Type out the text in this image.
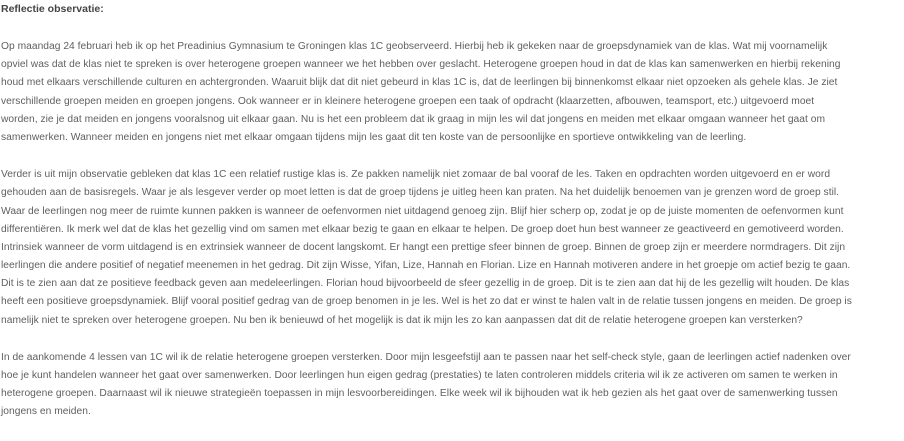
Reflectie observatie:
Op maandag 24 februari heb ik op het Preadinius Gymnasium te Groningen klas 1C geobserveerd. Hierbij heb ik gekeken naar de groepsdynamiek van de klas. Wat mij voornamelijk
opviel was dat de klas niet te spreken is over heterogene groepen wanneer we het hebben over geslacht. Heterogene groepen houd in dat de klas kan samenwerken en hierbij rekening
houd met elkaars verschillende culturen en achtergronden. Waaruit blijk dat dit niet gebeurd in klas 1C is, dat de leerlingen bij binnenkomst elkaar niet opzoeken als gehele klas. Je ziet
verschillende groepen meiden en groepen jongens. Ook wanneer er in kleinere heterogene groepen een taak of opdracht (klaarzetten, afbouwen, teamsport, etc.) uitgevoerd moet
worden, zie je dat meiden en jongens vooralsnog uit elkaar gaan. Nu is het een probleem dat ik graag in mijn les wil dat jongens en meiden met elkaar omgaan wanneer het gaat om
samenwerken. Wanneer meiden en jongens niet met elkaar omgaan tijdens mijn les gaat dit ten koste van de persoonlijke en sportieve ontwikkeling van de leerling.
Verder is uit mijn observatie gebleken dat klas 1C een relatief rustige klas is. Ze pakken namelijk niet zomaar de bal vooraf de les. Taken en opdrachten worden uitgevoerd en er word
gehouden aan de basisregels. Waar je als lesgever verder op moet letten is dat de groep tijdens je uitleg heen kan praten. Na het duidelijk benoemen van je grenzen word de groep stil.
Waar de leerlingen nog meer de ruimte kunnen pakken is wanneer de oefenvormen niet uitdagend genoeg zijn. Blijf hier scherp op, zodat je op de juiste momenten de oefenvormen kunt
differentiëren. Ik merk wel dat de klas het gezellig vind om samen met elkaar bezig te gaan en elkaar te helpen. De groep doet hun best wanneer ze geactiveerd en gemotiveerd worden.
Intrinsiek wanneer de vorm uitdagend is en extrinsiek wanneer de docent langskomt. Er hangt een prettige sfeer binnen de groep. Binnen de groep zijn er meerdere normdragers. Dit zijn
leerlingen die andere positief of negatief meenemen in het gedrag. Dit zijn Wisse, Yifan, Lize, Hannah en Florian. Lize en Hannah motiveren andere in het groepje om actief bezig te gaan.
Dit is te zien aan dat ze positieve feedback geven aan medeleerlingen. Florian houd bijvoorbeeld de sfeer gezellig in de groep. Dit is te zien aan dat hij de les gezellig wilt houden. De klas
heeft een positieve groepsdynamiek. Blijf vooral positief gedrag van de groep benomen in je les. Wel is het zo dat er winst te halen valt in de relatie tussen jongens en meiden. De groep is
namelijk niet te spreken over heterogene groepen. Nu ben ik benieuwd of het mogelijk is dat ik mijn les zo kan aanpassen dat dit de relatie heterogene groepen kan versterken?
In de aankomende 4 lessen van 1C wil ik de relatie heterogene groepen versterken. Door mijn lesgeefstijl aan te passen naar het self-check style, gaan de leerlingen actief nadenken over
hoe je kunt handelen wanneer het gaat over samenwerken. Door leerlingen hun eigen gedrag (prestaties) te laten controleren middels criteria wil ik ze activeren om samen te werken in
heterogene groepen. Daarnaast wil ik nieuwe strategieën toepassen in mijn lesvoorbereidingen. Elke week wil ik bijhouden wat ik heb gezien als het gaat over de samenwerking tussen
jongens en meiden.
